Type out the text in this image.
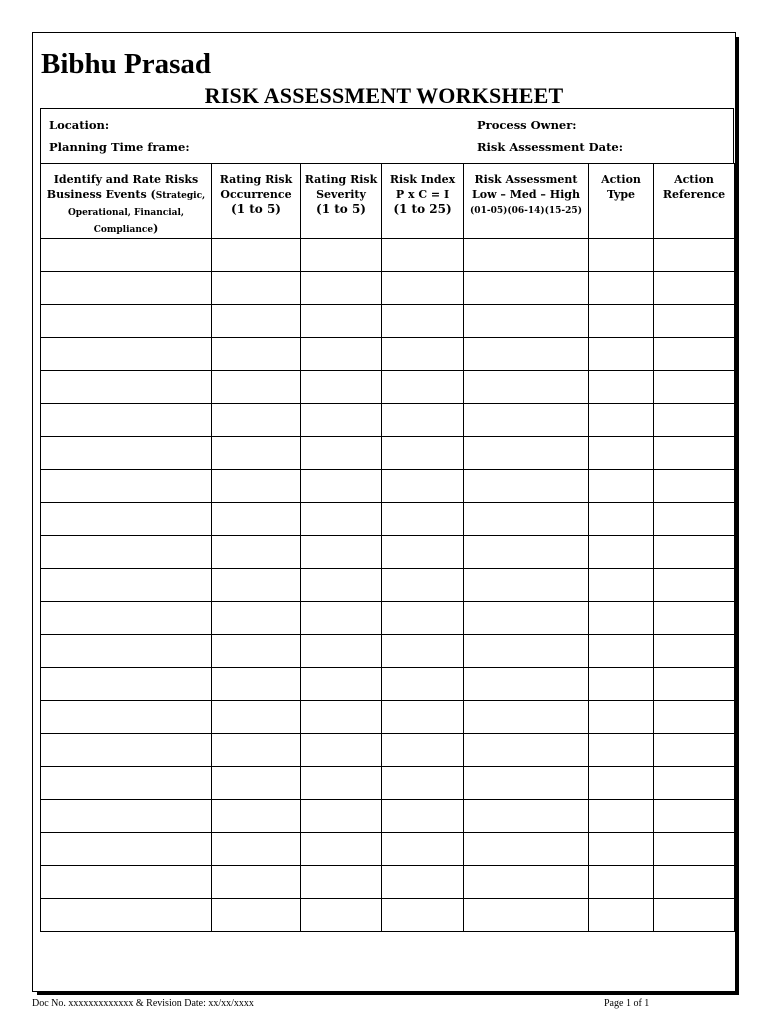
Bibhu Prasad
RISK ASSESSMENT WORKSHEET
Location:
Planning Time frame:
Process Owner:
Risk Assessment Date:
Identify and Rate Risks
Business Events (Strategic,
Operational, Financial,
Compliance)	Rating Risk
Occurrence
(1 to 5)	Rating Risk
Severity
(1 to 5)	Risk Index
P x C = I
(1 to 25)	Risk Assessment
Low – Med – High
(01-05)(06-14)(15-25)	Action
Type	Action
Reference

Doc No. xxxxxxxxxxxxx & Revision Date: xx/xx/xxxx	Page 1 of 1
